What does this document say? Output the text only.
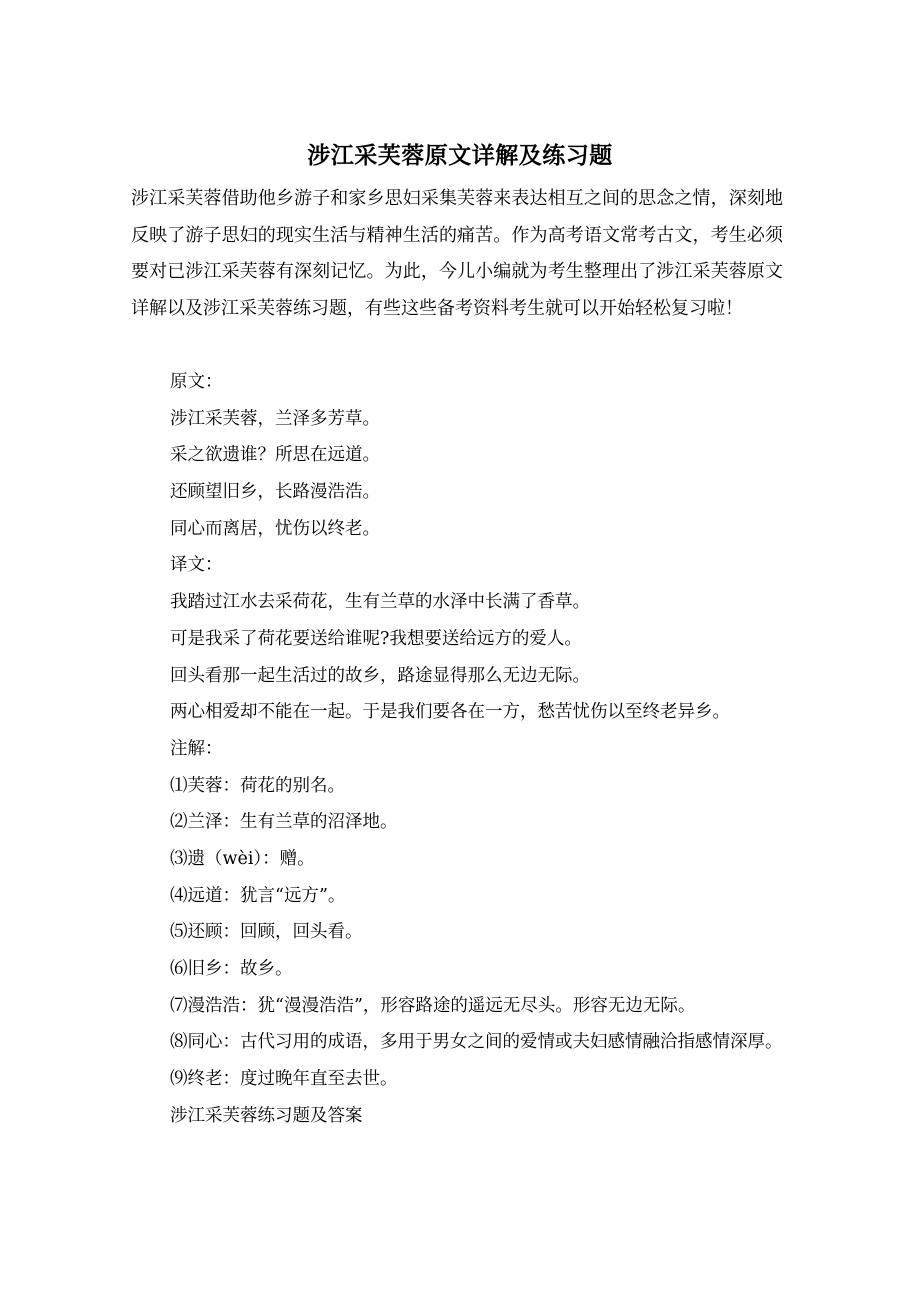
涉江采芙蓉原文详解及练习题
涉江采芙蓉借助他乡游子和家乡思妇采集芙蓉来表达相互之间的思念之情，深刻地反映了游子思妇的现实生活与精神生活的痛苦。作为高考语文常考古文，考生必须要对已涉江采芙蓉有深刻记忆。为此，今儿小编就为考生整理出了涉江采芙蓉原文详解以及涉江采芙蓉练习题，有些这些备考资料考生就可以开始轻松复习啦！
原文：
涉江采芙蓉，兰泽多芳草。
采之欲遗谁？所思在远道。
还顾望旧乡，长路漫浩浩。
同心而离居，忧伤以终老。
译文：
我踏过江水去采荷花，生有兰草的水泽中长满了香草。
可是我采了荷花要送给谁呢?我想要送给远方的爱人。
回头看那一起生活过的故乡，路途显得那么无边无际。
两心相爱却不能在一起。于是我们要各在一方，愁苦忧伤以至终老异乡。
注解：
⑴芙蓉：荷花的别名。
⑵兰泽：生有兰草的沼泽地。
⑶遗（wèi）：赠。
⑷远道：犹言“远方”。
⑸还顾：回顾，回头看。
⑹旧乡：故乡。
⑺漫浩浩：犹“漫漫浩浩”，形容路途的遥远无尽头。形容无边无际。
⑻同心：古代习用的成语，多用于男女之间的爱情或夫妇感情融洽指感情深厚。
⑼终老：度过晚年直至去世。
涉江采芙蓉练习题及答案
